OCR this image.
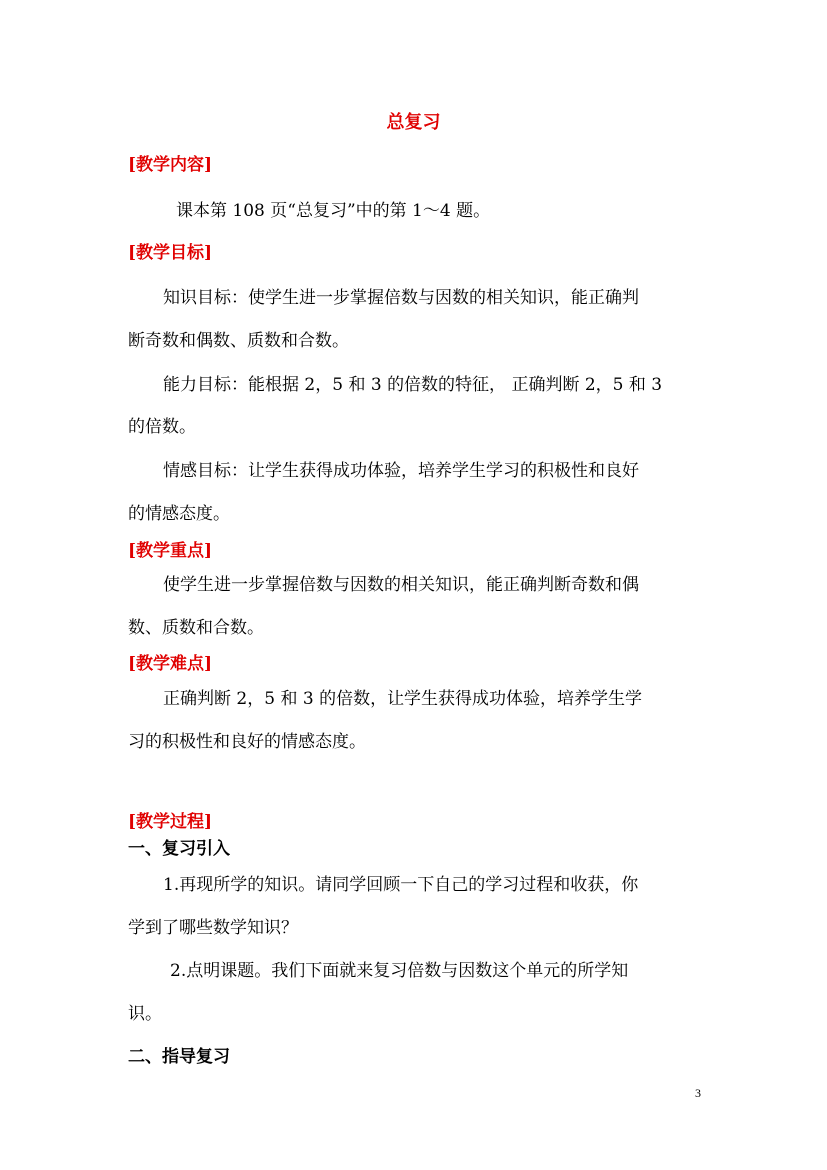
总复习
[教学内容]
课本第 108 页“总复习”中的第 1～4 题。
[教学目标]
知识目标：使学生进一步掌握倍数与因数的相关知识，能正确判
断奇数和偶数、质数和合数。
能力目标：能根据 2，5 和 3 的倍数的特征， 正确判断 2，5 和 3
的倍数。
情感目标：让学生获得成功体验，培养学生学习的积极性和良好
的情感态度。
[教学重点]
使学生进一步掌握倍数与因数的相关知识，能正确判断奇数和偶
数、质数和合数。
[教学难点]
正确判断 2，5 和 3 的倍数，让学生获得成功体验，培养学生学
习的积极性和良好的情感态度。
[教学过程]
一、复习引入
1.再现所学的知识。请同学回顾一下自己的学习过程和收获，你
学到了哪些数学知识？
2.点明课题。我们下面就来复习倍数与因数这个单元的所学知
识。
二、指导复习
3
